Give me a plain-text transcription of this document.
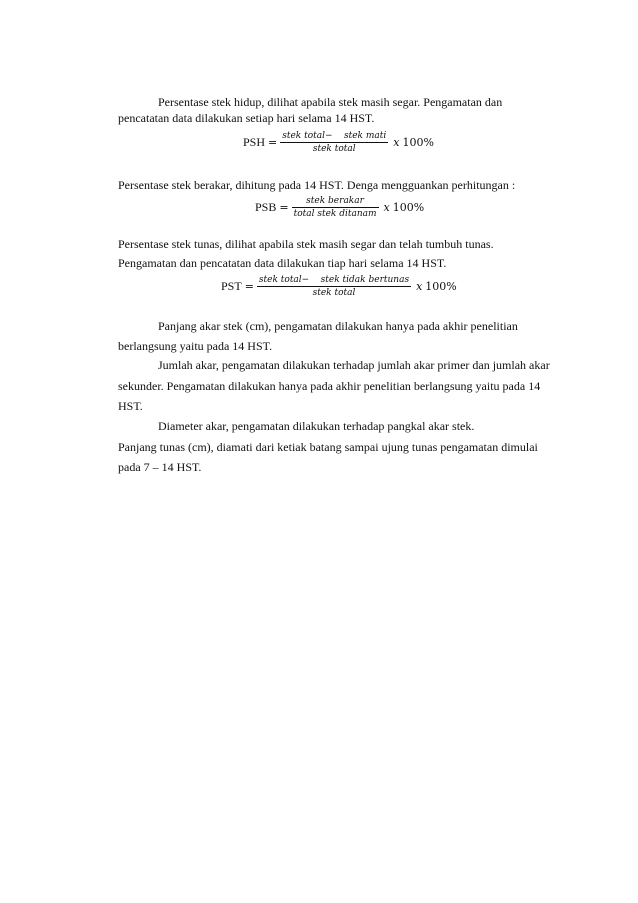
Persentase stek hidup, dilihat apabila stek masih segar. Pengamatan dan
pencatatan data dilakukan setiap hari selama 14 HST.
PSH = $\frac{\text{stek total−    stek mati}}{\text{stek total}}$ x 100%
Persentase stek berakar, dihitung pada 14 HST. Denga mengguankan perhitungan :
PSB = $\frac{\text{stek berakar}}{\text{total stek ditanam}}$ x 100%
Persentase stek tunas, dilihat apabila stek masih segar dan telah tumbuh tunas.
Pengamatan dan pencatatan data dilakukan tiap hari selama 14 HST.
PST = $\frac{\text{stek total−    stek tidak bertunas}}{\text{stek total}}$ x 100%
Panjang akar stek (cm), pengamatan dilakukan hanya pada akhir penelitian
berlangsung yaitu pada 14 HST.
Jumlah akar, pengamatan dilakukan terhadap jumlah akar primer dan jumlah akar
sekunder. Pengamatan dilakukan hanya pada akhir penelitian berlangsung yaitu pada 14
HST.
Diameter akar, pengamatan dilakukan terhadap pangkal akar stek.
Panjang tunas (cm), diamati dari ketiak batang sampai ujung tunas pengamatan dimulai
pada 7 – 14 HST.
